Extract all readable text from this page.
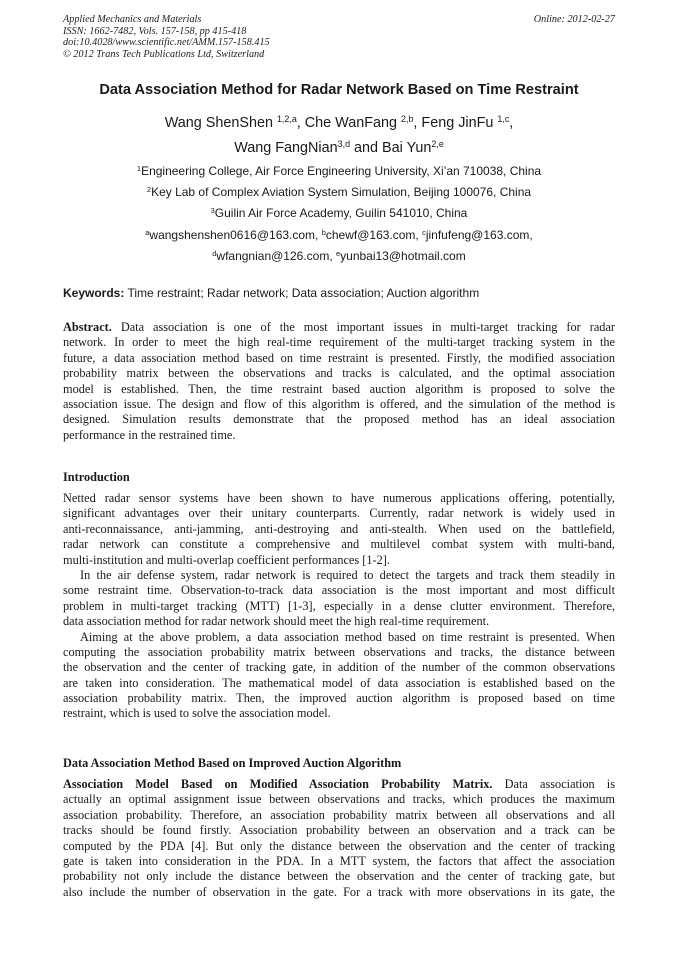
Applied Mechanics and Materials
ISSN: 1662-7482, Vols. 157-158, pp 415-418
doi:10.4028/www.scientific.net/AMM.157-158.415
© 2012 Trans Tech Publications Ltd, Switzerland
Online: 2012-02-27
Data Association Method for Radar Network Based on Time Restraint
Wang ShenShen $^{1,2,a}$, Che WanFang $^{2,b}$, Feng JinFu $^{1,c}$,
Wang FangNian$^{3,d}$ and Bai Yun$^{2,e}$
$^1$Engineering College, Air Force Engineering University, Xi’an 710038, China
$^2$Key Lab of Complex Aviation System Simulation, Beijing 100076, China
$^3$Guilin Air Force Academy, Guilin 541010, China
$^a$wangshenshen0616@163.com, $^b$chewf@163.com, $^c$jinfufeng@163.com,
$^d$wfangnian@126.com, $^e$yunbai13@hotmail.com
Keywords: Time restraint; Radar network; Data association; Auction algorithm
Abstract. Data association is one of the most important issues in multi-target tracking for radar
network. In order to meet the high real-time requirement of the multi-target tracking system in the
future, a data association method based on time restraint is presented. Firstly, the modified association
probability matrix between the observations and tracks is calculated, and the optimal association
model is established. Then, the time restraint based auction algorithm is proposed to solve the
association issue. The design and flow of this algorithm is offered, and the simulation of the method is
designed. Simulation results demonstrate that the proposed method has an ideal association
performance in the restrained time.
Introduction
Netted radar sensor systems have been shown to have numerous applications offering, potentially,
significant advantages over their unitary counterparts. Currently, radar network is widely used in
anti-reconnaissance, anti-jamming, anti-destroying and anti-stealth. When used on the battlefield,
radar network can constitute a comprehensive and multilevel combat system with multi-band,
multi-institution and multi-overlap coefficient performances [1-2].
In the air defense system, radar network is required to detect the targets and track them steadily in
some restraint time. Observation-to-track data association is the most important and most difficult
problem in multi-target tracking (MTT) [1-3], especially in a dense clutter environment. Therefore,
data association method for radar network should meet the high real-time requirement.
Aiming at the above problem, a data association method based on time restraint is presented. When
computing the association probability matrix between observations and tracks, the distance between
the observation and the center of tracking gate, in addition of the number of the common observations
are taken into consideration. The mathematical model of data association is established based on the
association probability matrix. Then, the improved auction algorithm is proposed based on time
restraint, which is used to solve the association model.
Data Association Method Based on Improved Auction Algorithm
Association Model Based on Modified Association Probability Matrix. Data association is
actually an optimal assignment issue between observations and tracks, which produces the maximum
association probability. Therefore, an association probability matrix between all observations and all
tracks should be found firstly. Association probability between an observation and a track can be
computed by the PDA [4]. But only the distance between the observation and the center of tracking
gate is taken into consideration in the PDA. In a MTT system, the factors that affect the association
probability not only include the distance between the observation and the center of tracking gate, but
also include the number of observation in the gate. For a track with more observations in its gate, the
